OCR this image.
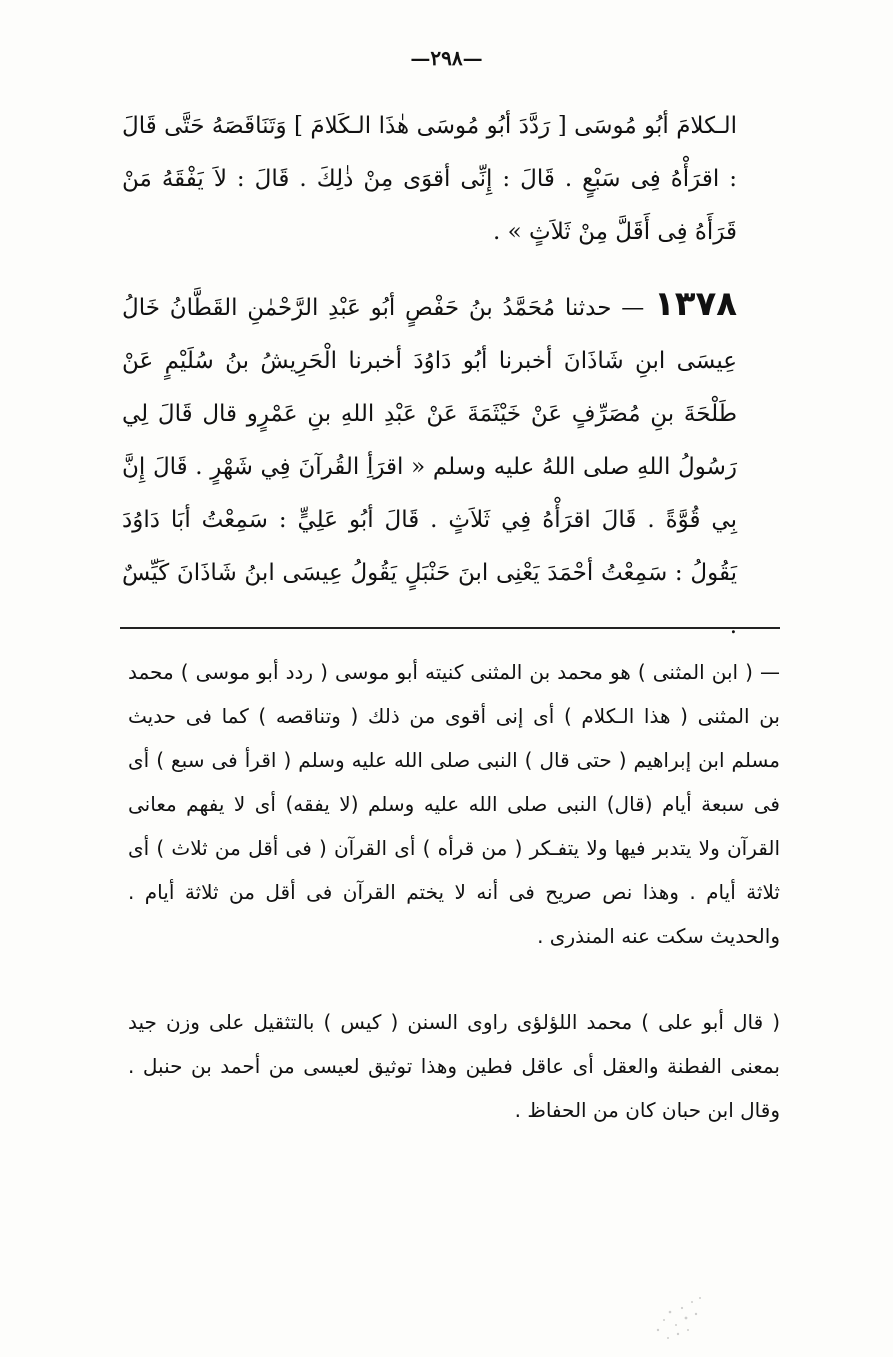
—٢٩٨—
الـكلامَ أبُو مُوسَى [ رَدَّدَ أبُو مُوسَى هٰذَا الـكَلامَ ] وَتَنَاقَصَهُ حَتَّى قَالَ : اقرَأْهُ فِى سَبْعٍ . قَالَ : إِنِّى أقوَى مِنْ ذٰلِكَ . قَالَ : لاَ يَفْقَهُ مَنْ قَرَأَهُ فِى أَقَلَّ مِنْ ثَلاَثٍ » .
١٣٧٨ — حدثنا مُحَمَّدُ بنُ حَفْصٍ أبُو عَبْدِ الرَّحْمٰنِ القَطَّانُ خَالُ عِيسَى ابنِ شَاذَانَ أخبرنا أبُو دَاوُدَ أخبرنا الْحَرِيشُ بنُ سُلَيْمٍ عَنْ طَلْحَةَ بنِ مُصَرِّفٍ عَنْ خَيْثَمَةَ عَنْ عَبْدِ اللهِ بنِ عَمْرٍو قال قَالَ لِي رَسُولُ اللهِ صلى اللهُ عليه وسلم « اقرَأِ القُرآنَ فِي شَهْرٍ . قَالَ إِنَّ بِي قُوَّةً . قَالَ اقرَأْهُ فِي ثَلاَثٍ . قَالَ أبُو عَلِيٍّ : سَمِعْتُ أبَا دَاوُدَ يَقُولُ : سَمِعْتُ أحْمَدَ يَعْنِى ابنَ حَنْبَلٍ يَقُولُ عِيسَى ابنُ شَاذَانَ كَيِّسٌ .
— ( ابن المثنى ) هو محمد بن المثنى كنيته أبو موسى ( ردد أبو موسى ) محمد بن المثنى ( هذا الـكلام ) أى إنى أقوى من ذلك ( وتناقصه ) كما فى حديث مسلم ابن إبراهيم ( حتى قال ) النبى صلى الله عليه وسلم ( اقرأ فى سبع ) أى فى سبعة أيام (قال) النبى صلى الله عليه وسلم (لا يفقه) أى لا يفهم معانى القرآن ولا يتدبر فيها ولا يتفـكر ( من قرأه ) أى القرآن ( فى أقل من ثلاث ) أى ثلاثة أيام . وهذا نص صريح فى أنه لا يختم القرآن فى أقل من ثلاثة أيام . والحديث سكت عنه المنذرى .
( قال أبو على ) محمد اللؤلؤى راوى السنن ( كيس ) بالتثقيل على وزن جيد بمعنى الفطنة والعقل أى عاقل فطين وهذا توثيق لعيسى من أحمد بن حنبل . وقال ابن حبان كان من الحفاظ .
